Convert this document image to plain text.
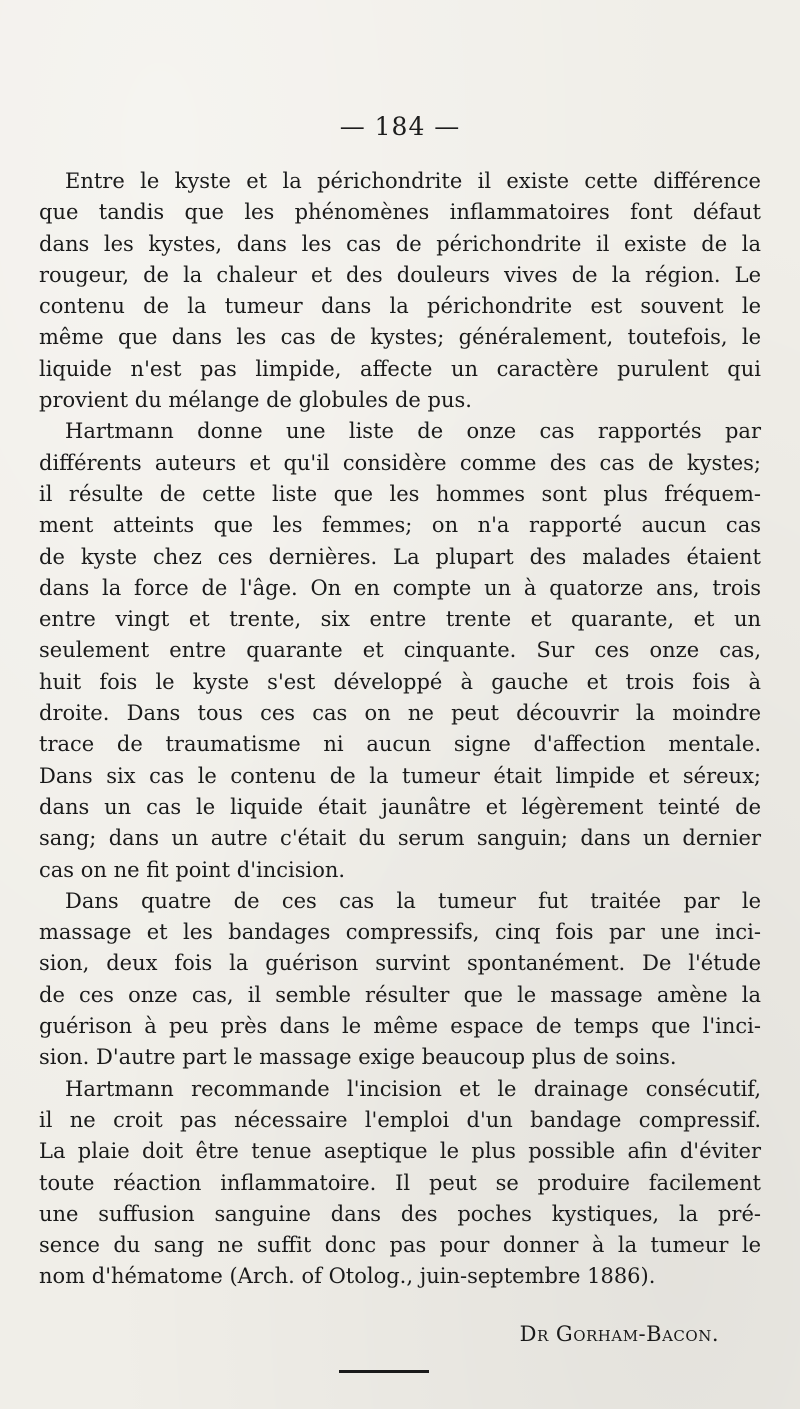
— 184 —
Entre le kyste et la périchondrite il existe cette différence
que tandis que les phénomènes inflammatoires font défaut
dans les kystes, dans les cas de périchondrite il existe de la
rougeur, de la chaleur et des douleurs vives de la région. Le
contenu de la tumeur dans la périchondrite est souvent le
même que dans les cas de kystes; généralement, toutefois, le
liquide n'est pas limpide, affecte un caractère purulent qui
provient du mélange de globules de pus.
Hartmann donne une liste de onze cas rapportés par
différents auteurs et qu'il considère comme des cas de kystes;
il résulte de cette liste que les hommes sont plus fréquem-
ment atteints que les femmes; on n'a rapporté aucun cas
de kyste chez ces dernières. La plupart des malades étaient
dans la force de l'âge. On en compte un à quatorze ans, trois
entre vingt et trente, six entre trente et quarante, et un
seulement entre quarante et cinquante. Sur ces onze cas,
huit fois le kyste s'est développé à gauche et trois fois à
droite. Dans tous ces cas on ne peut découvrir la moindre
trace de traumatisme ni aucun signe d'affection mentale.
Dans six cas le contenu de la tumeur était limpide et séreux;
dans un cas le liquide était jaunâtre et légèrement teinté de
sang; dans un autre c'était du serum sanguin; dans un dernier
cas on ne fit point d'incision.
Dans quatre de ces cas la tumeur fut traitée par le
massage et les bandages compressifs, cinq fois par une inci-
sion, deux fois la guérison survint spontanément. De l'étude
de ces onze cas, il semble résulter que le massage amène la
guérison à peu près dans le même espace de temps que l'inci-
sion. D'autre part le massage exige beaucoup plus de soins.
Hartmann recommande l'incision et le drainage consécutif,
il ne croit pas nécessaire l'emploi d'un bandage compressif.
La plaie doit être tenue aseptique le plus possible afin d'éviter
toute réaction inflammatoire. Il peut se produire facilement
une suffusion sanguine dans des poches kystiques, la pré-
sence du sang ne suffit donc pas pour donner à la tumeur le
nom d'hématome (Arch. of Otolog., juin-septembre 1886).
Dr Gorham-Bacon.
